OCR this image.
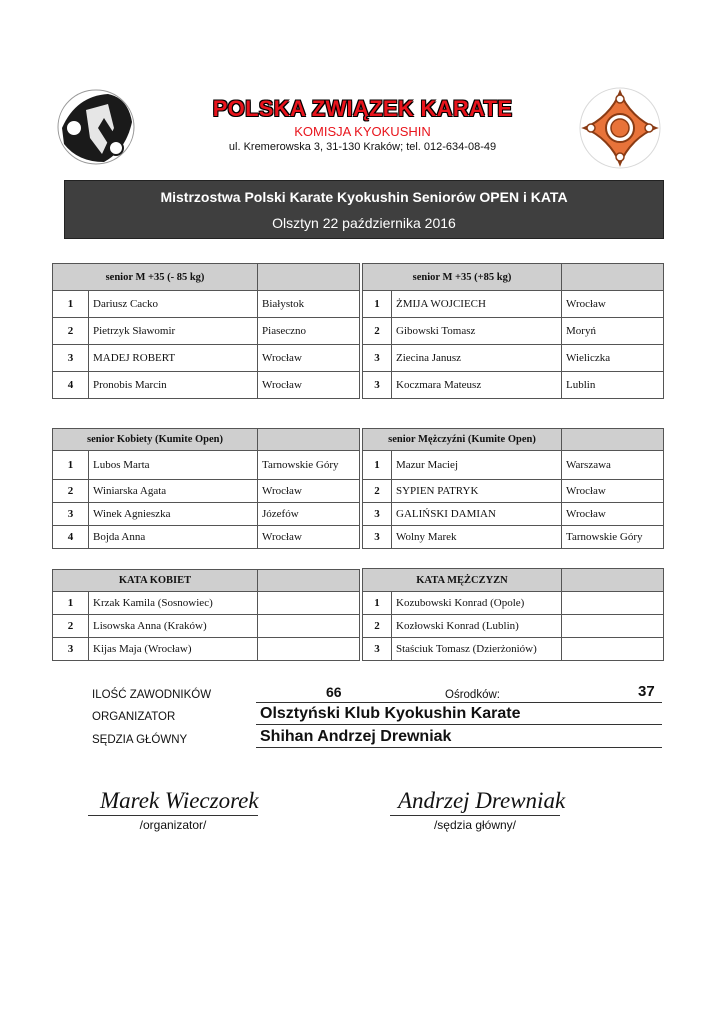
POLSKA ZWIĄZEK KARATE
KOMISJA KYOKUSHIN
ul. Kremerowska 3, 31-130 Kraków; tel. 012-634-08-49
Mistrzostwa Polski Karate Kyokushin Seniorów OPEN i KATA
Olsztyn 22 października 2016
senior M +35 (- 85 kg)		
1	Dariusz Cacko	Białystok
2	Pietrzyk Sławomir	Piaseczno
3	MADEJ ROBERT	Wrocław
4	Pronobis Marcin	Wrocław
senior M +35 (+85 kg)		
1	ŻMIJA WOJCIECH	Wrocław
2	Gibowski Tomasz	Moryń
3	Ziecina Janusz	Wieliczka
3	Koczmara Mateusz	Lublin
senior Kobiety (Kumite Open)		
1	Lubos Marta	Tarnowskie Góry

2	Winiarska Agata	Wrocław
3	Winek Agnieszka	Józefów
4	Bojda Anna	Wrocław
senior Mężczyźni (Kumite Open)		
1	Mazur Maciej	Warszawa
2	SYPIEN PATRYK	Wrocław
3	GALIŃSKI DAMIAN	Wrocław
3	Wolny Marek	Tarnowskie Góry
KATA KOBIET		
1	Krzak Kamila (Sosnowiec)	
2	Lisowska Anna (Kraków)	
3	Kijas Maja (Wrocław)	
KATA MĘŻCZYZN		
1	Kozubowski Konrad (Opole)	
2	Kozłowski Konrad (Lublin)	
3	Staściuk Tomasz (Dzierżoniów)	
ILOŚĆ ZAWODNIKÓW	66	Ośrodków:	37
ORGANIZATOR	Olsztyński Klub Kyokushin Karate
SĘDZIA GŁÓWNY	Shihan Andrzej Drewniak
Marek Wieczorek
/organizator/
Andrzej Drewniak
/sędzia główny/
